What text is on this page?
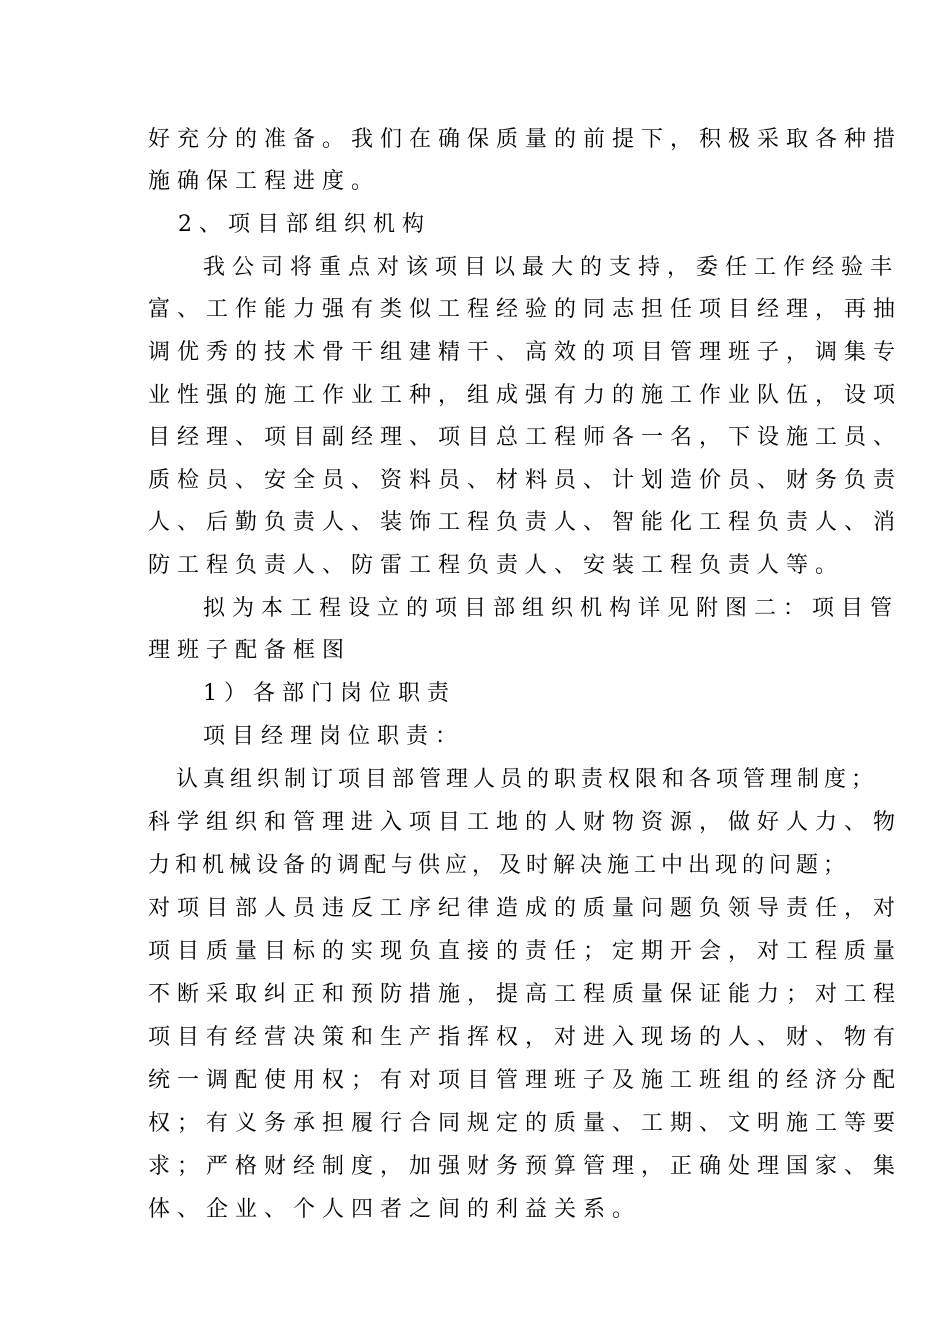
好充分的准备。我们在确保质量的前提下，积极采取各种措
施确保工程进度。
2、项目部组织机构
我公司将重点对该项目以最大的支持，委任工作经验丰
富、工作能力强有类似工程经验的同志担任项目经理，再抽
调优秀的技术骨干组建精干、高效的项目管理班子，调集专
业性强的施工作业工种，组成强有力的施工作业队伍，设项
目经理、项目副经理、项目总工程师各一名，下设施工员、
质检员、安全员、资料员、材料员、计划造价员、财务负责
人、后勤负责人、装饰工程负责人、智能化工程负责人、消
防工程负责人、防雷工程负责人、安装工程负责人等。
拟为本工程设立的项目部组织机构详见附图二：项目管
理班子配备框图
1）各部门岗位职责
项目经理岗位职责：
认真组织制订项目部管理人员的职责权限和各项管理制度；
科学组织和管理进入项目工地的人财物资源，做好人力、物
力和机械设备的调配与供应，及时解决施工中出现的问题；
对项目部人员违反工序纪律造成的质量问题负领导责任，对
项目质量目标的实现负直接的责任；定期开会，对工程质量
不断采取纠正和预防措施，提高工程质量保证能力；对工程
项目有经营决策和生产指挥权，对进入现场的人、财、物有
统一调配使用权；有对项目管理班子及施工班组的经济分配
权；有义务承担履行合同规定的质量、工期、文明施工等要
求；严格财经制度，加强财务预算管理，正确处理国家、集
体、企业、个人四者之间的利益关系。
